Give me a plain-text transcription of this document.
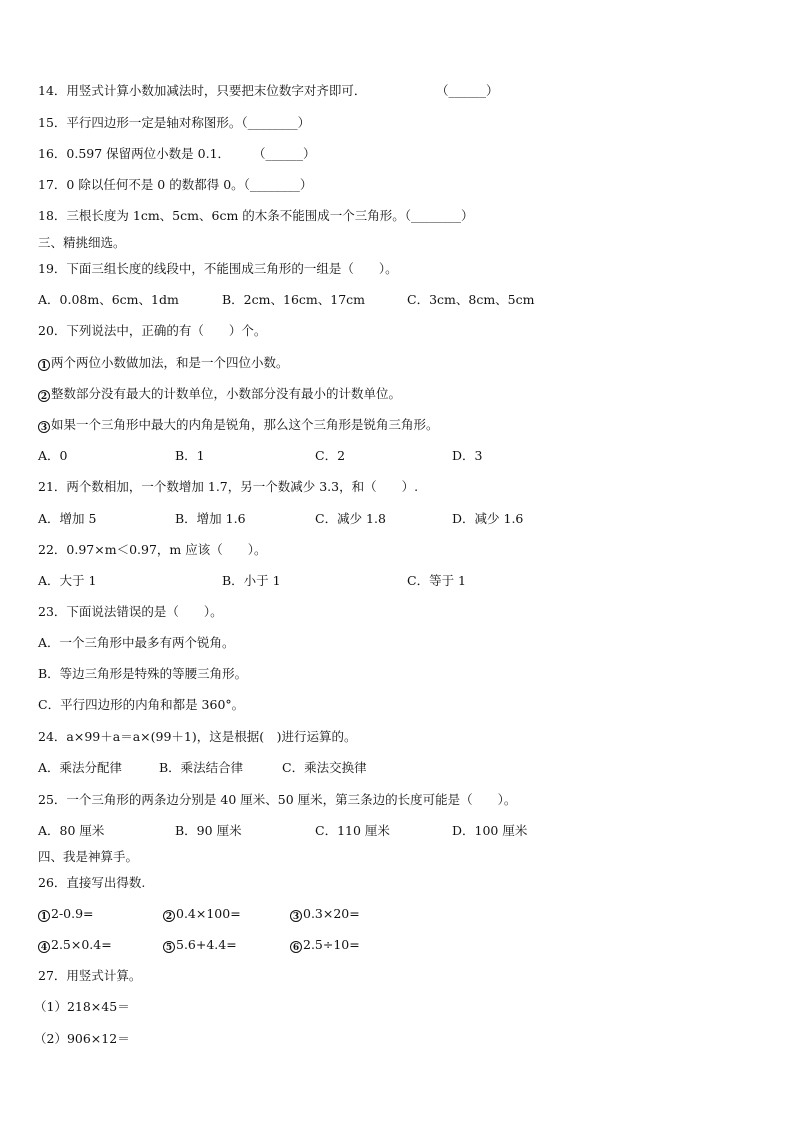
14．用竖式计算小数加减法时，只要把末位数字对齐即可．	（______）
15．平行四边形一定是轴对称图形。（________）
16．0.597 保留两位小数是 0.1． （______）
17．0 除以任何不是 0 的数都得 0。（________）
18．三根长度为 1cm、5cm、6cm 的木条不能围成一个三角形。（________）
三、精挑细选。
19．下面三组长度的线段中，不能围成三角形的一组是（　　）。
A．0.08m、6cm、1dm	B．2cm、16cm、17cm	C．3cm、8cm、5cm
20．下列说法中，正确的有（　　）个。
1 两个两位小数做加法，和是一个四位小数。
2 整数部分没有最大的计数单位，小数部分没有最小的计数单位。
3 如果一个三角形中最大的内角是锐角，那么这个三角形是锐角三角形。
A．0	B．1	C．2	D．3
21．两个数相加，一个数增加 1.7，另一个数减少 3.3，和（　　）.
A．增加 5	B．增加 1.6	C．减少 1.8	D．减少 1.6
22．0.97×m＜0.97，m 应该（　　）。
A．大于 1	B．小于 1	C．等于 1
23．下面说法错误的是（　　）。
A．一个三角形中最多有两个锐角。
B．等边三角形是特殊的等腰三角形。
C．平行四边形的内角和都是 360°。
24．a×99＋a＝a×(99＋1)，这是根据(　)进行运算的。
A．乘法分配律	B．乘法结合律	C．乘法交换律
25．一个三角形的两条边分别是 40 厘米、50 厘米，第三条边的长度可能是（　　）。
A．80 厘米	B．90 厘米	C．110 厘米	D．100 厘米
四、我是神算手。
26．直接写出得数.
1 2-0.9=	2 0.4×100=	3 0.3×20=
4 2.5×0.4=	5 5.6+4.4=	6 2.5÷10=
27．用竖式计算。
（1）218×45＝
（2）906×12＝
